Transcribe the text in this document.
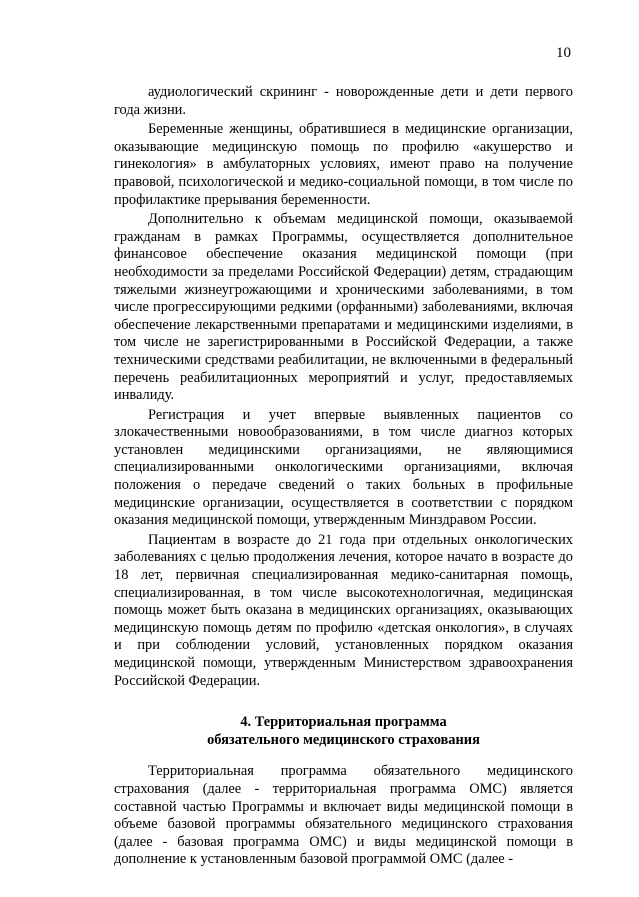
10

аудиологический скрининг - новорожденные дети и дети первого года жизни.

Беременные женщины, обратившиеся в медицинские организации, оказывающие медицинскую помощь по профилю «акушерство и гинекология» в амбулаторных условиях, имеют право на получение правовой, психологической и медико-социальной помощи, в том числе по профилактике прерывания беременности.

Дополнительно к объемам медицинской помощи, оказываемой гражданам в рамках Программы, осуществляется дополнительное финансовое обеспечение оказания медицинской помощи (при необходимости за пределами Российской Федерации) детям, страдающим тяжелыми жизнеугрожающими и хроническими заболеваниями, в том числе прогрессирующими редкими (орфанными) заболеваниями, включая обеспечение лекарственными препаратами и медицинскими изделиями, в том числе не зарегистрированными в Российской Федерации, а также техническими средствами реабилитации, не включенными в федеральный перечень реабилитационных мероприятий и услуг, предоставляемых инвалиду.

Регистрация и учет впервые выявленных пациентов со злокачественными новообразованиями, в том числе диагноз которых установлен медицинскими организациями, не являющимися специализированными онкологическими организациями, включая положения о передаче сведений о таких больных в профильные медицинские организации, осуществляется в соответствии с порядком оказания медицинской помощи, утвержденным Минздравом России.

Пациентам в возрасте до 21 года при отдельных онкологических заболеваниях с целью продолжения лечения, которое начато в возрасте до 18 лет, первичная специализированная медико-санитарная помощь, специализированная, в том числе высокотехнологичная, медицинская помощь может быть оказана в медицинских организациях, оказывающих медицинскую помощь детям по профилю «детская онкология», в случаях и при соблюдении условий, установленных порядком оказания медицинской помощи, утвержденным Министерством здравоохранения Российской Федерации.

4. Территориальная программа
обязательного медицинского страхования

Территориальная программа обязательного медицинского страхования (далее - территориальная программа ОМС) является составной частью Программы и включает виды медицинской помощи в объеме базовой программы обязательного медицинского страхования (далее - базовая программа ОМС) и виды медицинской помощи в дополнение к установленным базовой программой ОМС (далее -
